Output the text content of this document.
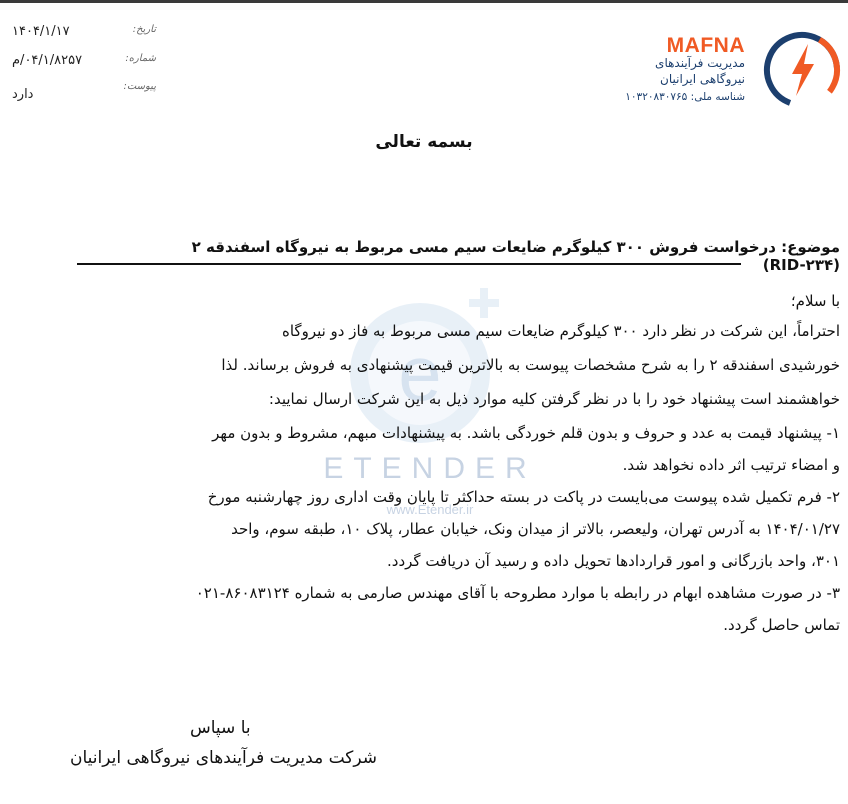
تاریخ:
۱۴۰۴/۱/۱۷
شماره:
۰۴/۱/۸۲۵۷/م
پیوست:
دارد
MAFNA
مدیریت فرآیندهای
نیروگاهی ایرانیان
شناسه ملی: ۱۰۳۲۰۸۳۰۷۶۵
e
ETENDER
www.Etender.ir
بسمه تعالی
موضوع: درخواست فروش ۳۰۰ کیلوگرم ضایعات سیم مسی مربوط به نیروگاه اسفندقه ۲ (RID-۲۳۴)
با سلام؛
احتراماً، این شرکت در نظر دارد ۳۰۰ کیلوگرم ضایعات سیم مسی مربوط به فاز دو نیروگاه
خورشیدی اسفندقه ۲ را به شرح مشخصات پیوست به بالاترین قیمت پیشنهادی به فروش برساند. لذا
خواهشمند است پیشنهاد خود را با در نظر گرفتن کلیه موارد ذیل به این شرکت ارسال نمایید:
۱- پیشنهاد قیمت به عدد و حروف و بدون قلم خوردگی باشد. به پیشنهادات مبهم، مشروط و بدون مهر
و امضاء ترتیب اثر داده نخواهد شد.
۲- فرم تکمیل شده پیوست می‌بایست در پاکت در بسته حداکثر تا پایان وقت اداری روز چهارشنبه مورخ
۱۴۰۴/۰۱/۲۷ به آدرس تهران، ولیعصر، بالاتر از میدان ونک، خیابان عطار، پلاک ۱۰، طبقه سوم، واحد
۳۰۱، واحد بازرگانی و امور قراردادها تحویل داده و رسید آن دریافت گردد.
۳- در صورت مشاهده ابهام در رابطه با موارد مطروحه با آقای مهندس صارمی به شماره ۸۶۰۸۳۱۲۴-۰۲۱
تماس حاصل گردد.
با سپاس
شرکت مدیریت فرآیندهای نیروگاهی ایرانیان
